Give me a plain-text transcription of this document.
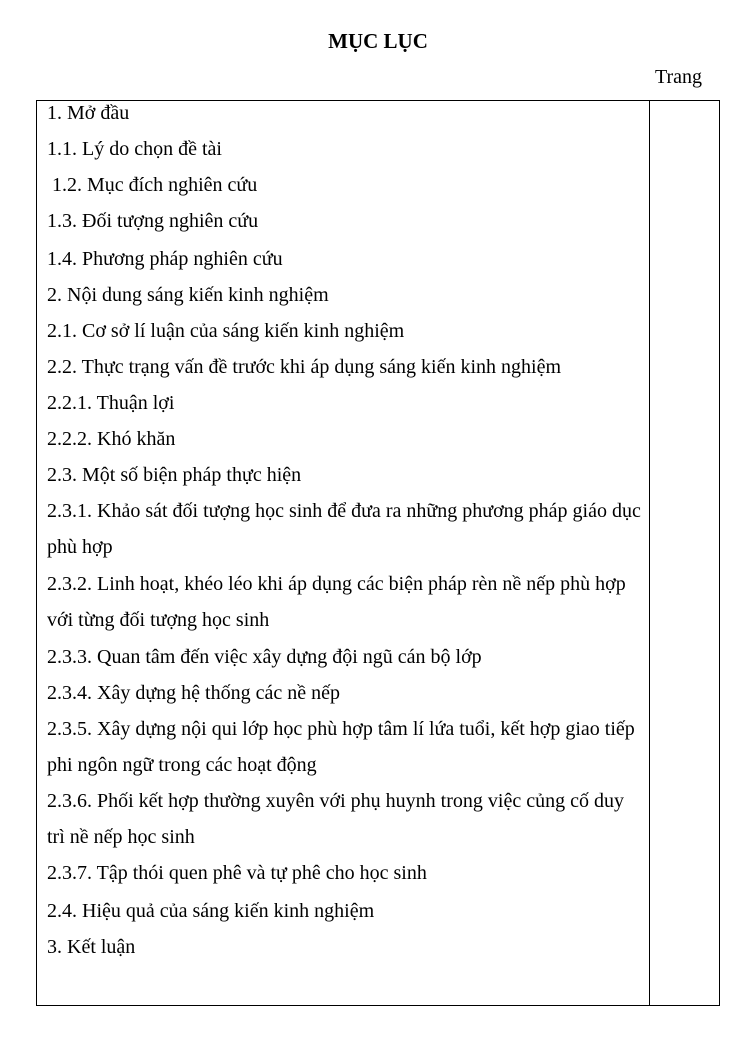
MỤC LỤC
Trang
1. Mở đầu
1.1. Lý do chọn đề tài
1.2. Mục đích nghiên cứu
1.3. Đối tượng nghiên cứu
1.4. Phương pháp nghiên cứu
2. Nội dung sáng kiến kinh nghiệm
2.1. Cơ sở lí luận của sáng kiến kinh nghiệm
2.2. Thực trạng vấn đề trước khi áp dụng sáng kiến kinh nghiệm
2.2.1. Thuận lợi
2.2.2. Khó khăn
2.3. Một số biện pháp thực hiện
2.3.1. Khảo sát đối tượng học sinh để đưa ra những phương pháp giáo dục phù hợp
2.3.2. Linh hoạt, khéo léo khi áp dụng các biện pháp rèn nề nếp phù hợp với từng đối tượng học sinh
2.3.3. Quan tâm đến việc xây dựng đội ngũ cán bộ lớp
2.3.4. Xây dựng hệ thống các nề nếp
2.3.5. Xây dựng nội qui lớp học phù hợp tâm lí lứa tuổi, kết hợp giao tiếp phi ngôn ngữ trong các hoạt động
2.3.6. Phối kết hợp thường xuyên với phụ huynh trong việc củng cố duy trì nề nếp học sinh
2.3.7. Tập thói quen phê và tự phê cho học sinh
2.4. Hiệu quả của sáng kiến kinh nghiệm
3. Kết luận
